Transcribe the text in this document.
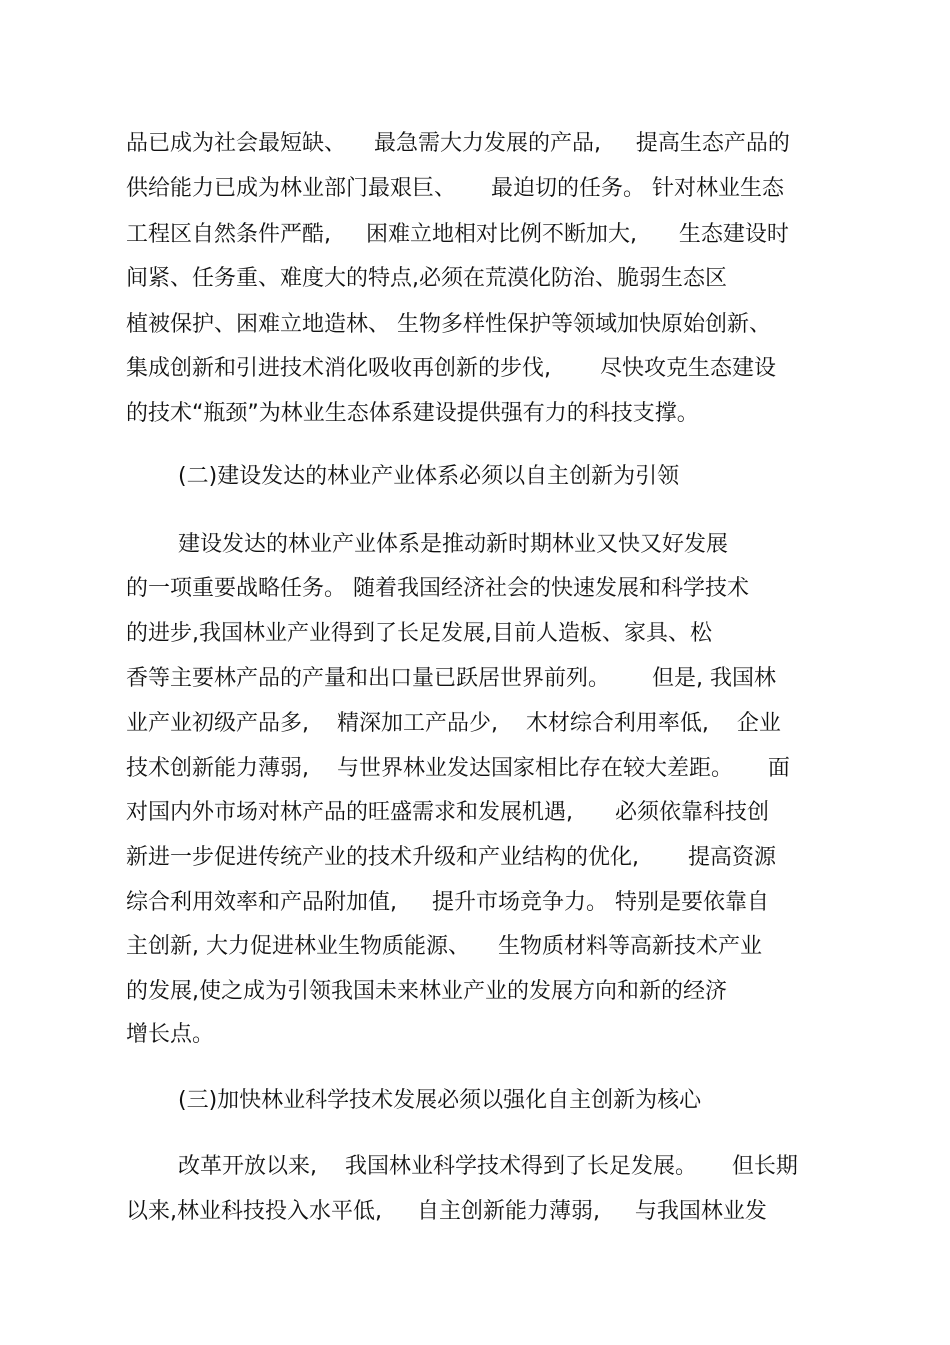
品已成为社会最短缺、    最急需大力发展的产品,     提高生态产品的
供给能力已成为林业部门最艰巨、     最迫切的任务。 针对林业生态
工程区自然条件严酷,     困难立地相对比例不断加大,      生态建设时
间紧、任务重、难度大的特点,必须在荒漠化防治、脆弱生态区
植被保护、困难立地造林、 生物多样性保护等领域加快原始创新、
集成创新和引进技术消化吸收再创新的步伐,       尽快攻克生态建设
的技术“瓶颈”为林业生态体系建设提供强有力的科技支撑。
(二)建设发达的林业产业体系必须以自主创新为引领
建设发达的林业产业体系是推动新时期林业又快又好发展
的一项重要战略任务。 随着我国经济社会的快速发展和科学技术
的进步,我国林业产业得到了长足发展,目前人造板、家具、松
香等主要林产品的产量和出口量已跃居世界前列。      但是, 我国林
业产业初级产品多,    精深加工产品少,    木材综合利用率低,    企业
技术创新能力薄弱,    与世界林业发达国家相比存在较大差距。     面
对国内外市场对林产品的旺盛需求和发展机遇,      必须依靠科技创
新进一步促进传统产业的技术升级和产业结构的优化,       提高资源
综合利用效率和产品附加值,     提升市场竞争力。 特别是要依靠自
主创新, 大力促进林业生物质能源、    生物质材料等高新技术产业
的发展,使之成为引领我国未来林业产业的发展方向和新的经济
增长点。
(三)加快林业科学技术发展必须以强化自主创新为核心
改革开放以来,    我国林业科学技术得到了长足发展。     但长期
以来,林业科技投入水平低,     自主创新能力薄弱,     与我国林业发
